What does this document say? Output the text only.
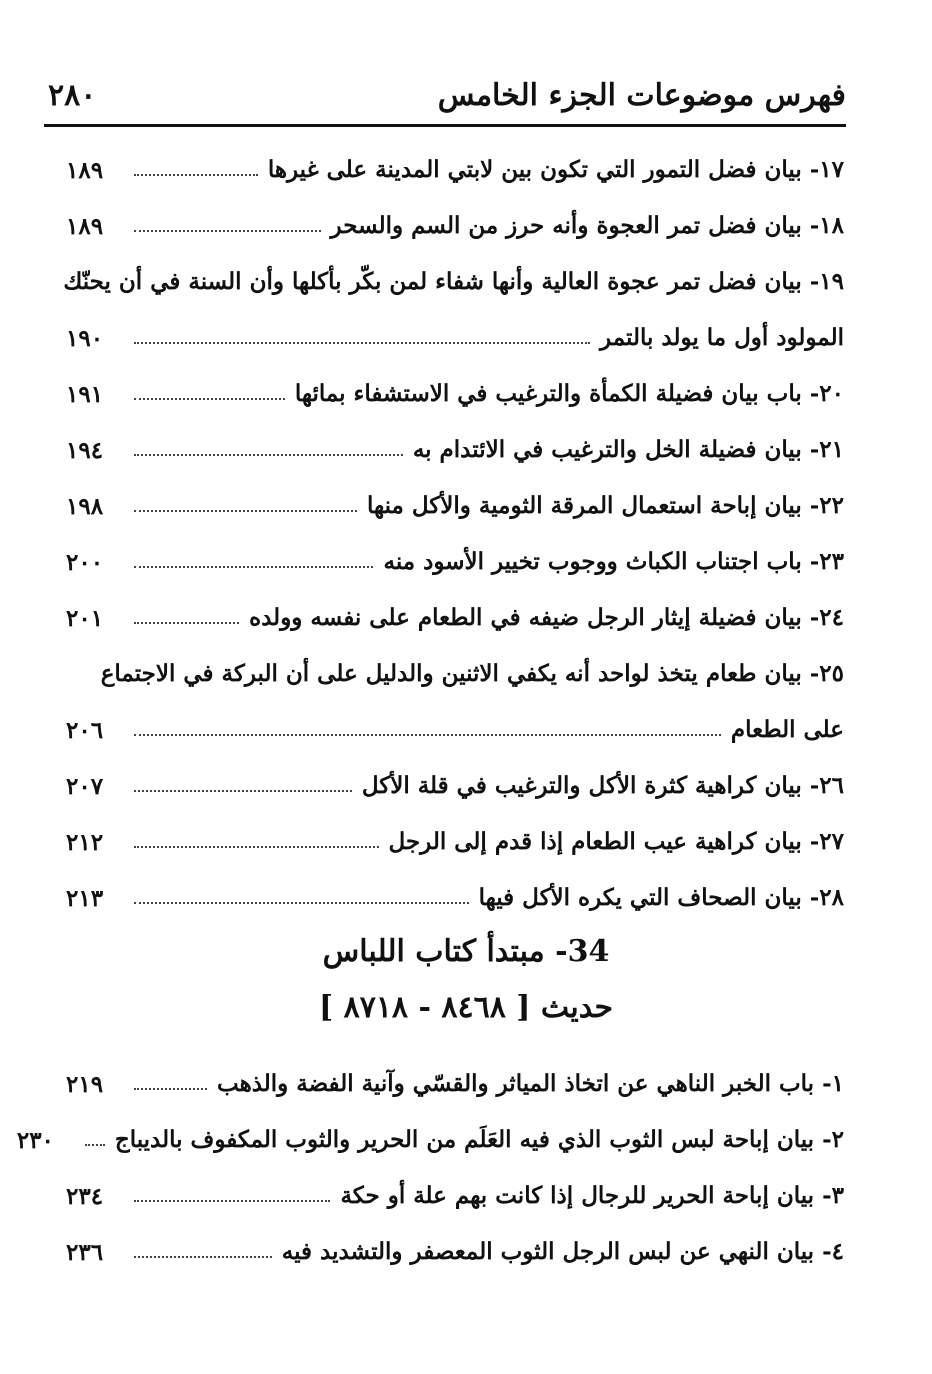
فهرس موضوعات الجزء الخامس
٢٨٠
١٧- بيان فضل التمور التي تكون بين لابتي المدينة على غيرها
١٨٩
١٨- بيان فضل تمر العجوة وأنه حرز من السم والسحر
١٨٩
١٩- بيان فضل تمر عجوة العالية وأنها شفاء لمن بكّر بأكلها وأن السنة في أن يحنّك
المولود أول ما يولد بالتمر
١٩٠
٢٠- باب بيان فضيلة الكمأة والترغيب في الاستشفاء بمائها
١٩١
٢١- بيان فضيلة الخل والترغيب في الائتدام به
١٩٤
٢٢- بيان إباحة استعمال المرقة الثومية والأكل منها
١٩٨
٢٣- باب اجتناب الكباث ووجوب تخيير الأسود منه
٢٠٠
٢٤- بيان فضيلة إيثار الرجل ضيفه في الطعام على نفسه وولده
٢٠١
٢٥- بيان طعام يتخذ لواحد أنه يكفي الاثنين والدليل على أن البركة في الاجتماع
على الطعام
٢٠٦
٢٦- بيان كراهية كثرة الأكل والترغيب في قلة الأكل
٢٠٧
٢٧- بيان كراهية عيب الطعام إذا قدم إلى الرجل
٢١٢
٢٨- بيان الصحاف التي يكره الأكل فيها
٢١٣
34- مبتدأ كتاب اللباس
حديث [ ٨٤٦٨ - ٨٧١٨ ]
١- باب الخبر الناهي عن اتخاذ المياثر والقسّي وآنية الفضة والذهب
٢١٩
٢- بيان إباحة لبس الثوب الذي فيه العَلَم من الحرير والثوب المكفوف بالديباج
٢٣٠
٣- بيان إباحة الحرير للرجال إذا كانت بهم علة أو حكة
٢٣٤
٤- بيان النهي عن لبس الرجل الثوب المعصفر والتشديد فيه
٢٣٦
